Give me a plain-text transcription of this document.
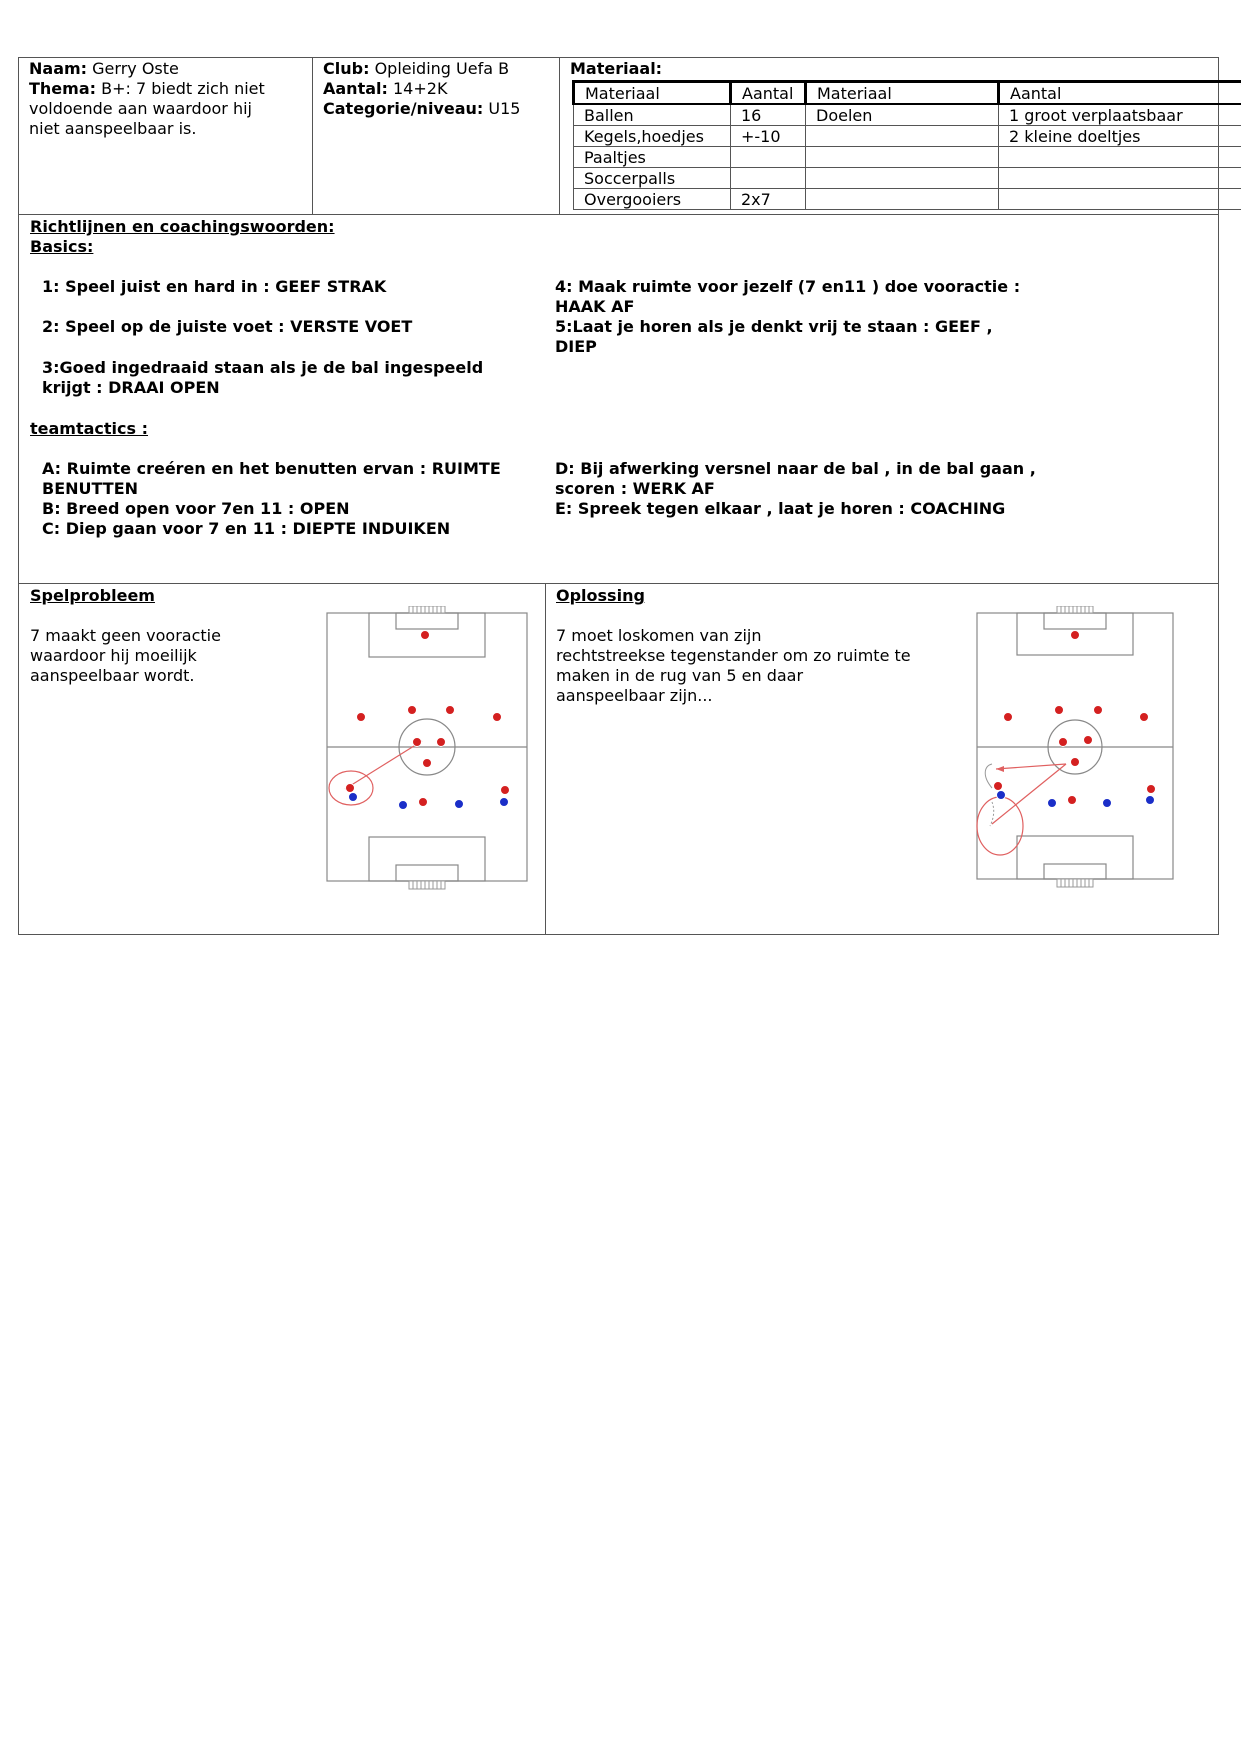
Naam: Gerry Oste
Thema: B+: 7 biedt zich niet
voldoende aan waardoor hij
niet aanspeelbaar is.
Club: Opleiding Uefa B
Aantal: 14+2K
Categorie/niveau: U15
Materiaal:
Materiaal	Aantal	Materiaal	Aantal
Ballen	16	Doelen	1 groot verplaatsbaar
Kegels,hoedjes	+-10		2 kleine doeltjes
Paaltjes			
Soccerpalls			
Overgooiers	2x7		
Richtlijnen en coachingswoorden:
Basics:
1: Speel juist en hard in : GEEF STRAK
2: Speel op de juiste voet : VERSTE VOET
3:Goed ingedraaid staan als je de bal ingespeeld
krijgt : DRAAI OPEN
4: Maak ruimte voor jezelf (7 en11 ) doe vooractie :
HAAK AF
5:Laat je horen als je denkt vrij te staan : GEEF ,
DIEP
teamtactics :
A: Ruimte creéren en het benutten ervan : RUIMTE
BENUTTEN
B: Breed open voor 7en 11 : OPEN
C: Diep gaan voor 7 en 11 : DIEPTE INDUIKEN
D: Bij afwerking versnel naar de bal , in de bal gaan ,
scoren : WERK AF
E: Spreek tegen elkaar , laat je horen : COACHING
Spelprobleem
7 maakt geen vooractie
waardoor hij moeilijk
aanspeelbaar wordt.
Oplossing
7 moet loskomen van zijn
rechtstreekse tegenstander om zo ruimte te
maken in de rug van 5 en daar
aanspeelbaar zijn...
